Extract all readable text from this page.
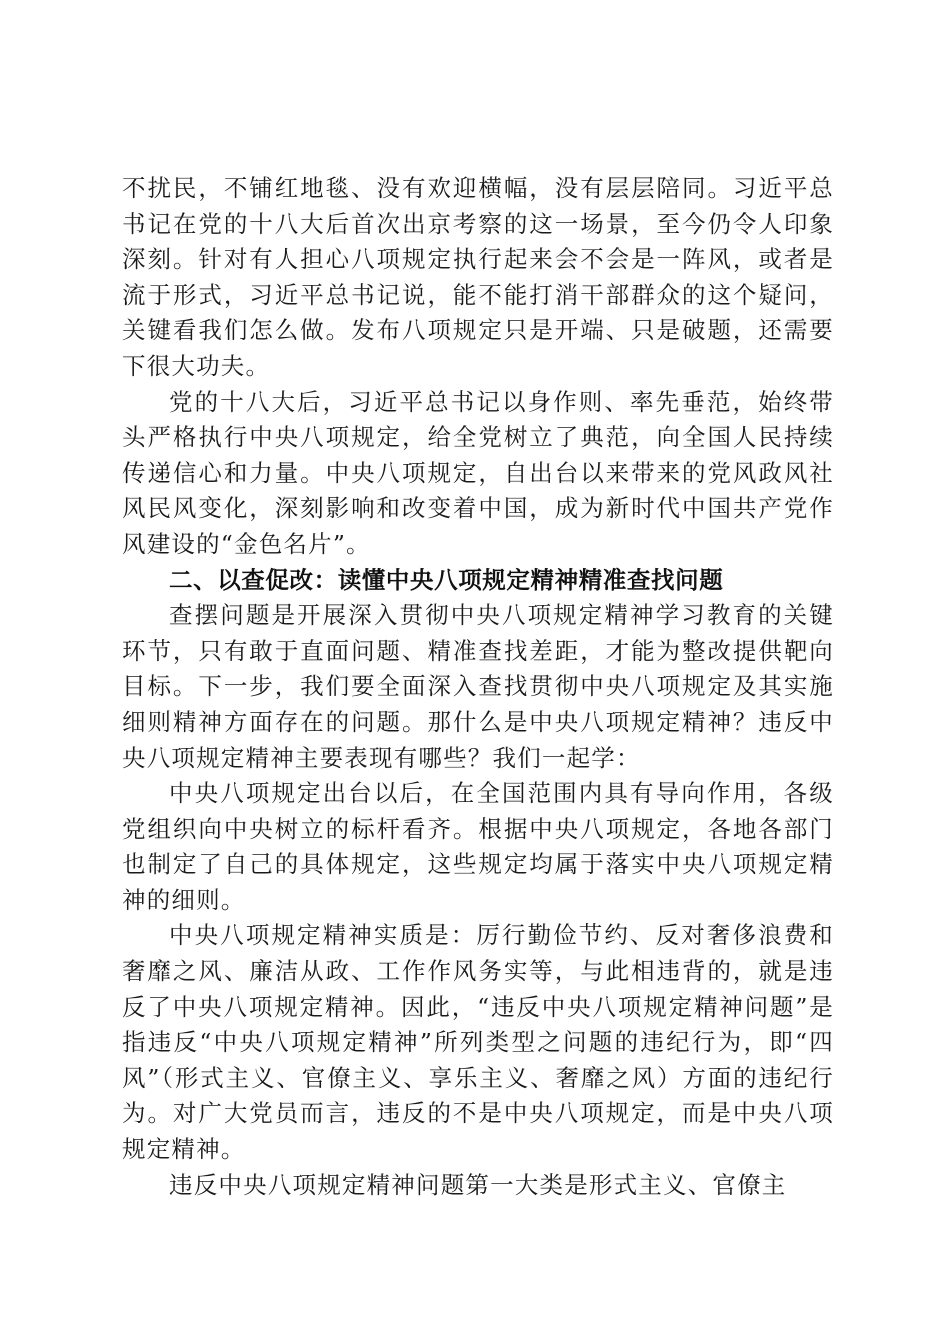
不扰民，不铺红地毯、没有欢迎横幅，没有层层陪同。习近平总书记在党的十八大后首次出京考察的这一场景，至今仍令人印象深刻。针对有人担心八项规定执行起来会不会是一阵风，或者是流于形式，习近平总书记说，能不能打消干部群众的这个疑问，关键看我们怎么做。发布八项规定只是开端、只是破题，还需要下很大功夫。

党的十八大后，习近平总书记以身作则、率先垂范，始终带头严格执行中央八项规定，给全党树立了典范，向全国人民持续传递信心和力量。中央八项规定，自出台以来带来的党风政风社风民风变化，深刻影响和改变着中国，成为新时代中国共产党作风建设的“金色名片”。

二、以查促改：读懂中央八项规定精神精准查找问题

查摆问题是开展深入贯彻中央八项规定精神学习教育的关键环节，只有敢于直面问题、精准查找差距，才能为整改提供靶向目标。下一步，我们要全面深入查找贯彻中央八项规定及其实施细则精神方面存在的问题。那什么是中央八项规定精神？违反中央八项规定精神主要表现有哪些？我们一起学：

中央八项规定出台以后，在全国范围内具有导向作用，各级党组织向中央树立的标杆看齐。根据中央八项规定，各地各部门也制定了自己的具体规定，这些规定均属于落实中央八项规定精神的细则。

中央八项规定精神实质是：厉行勤俭节约、反对奢侈浪费和奢靡之风、廉洁从政、工作作风务实等，与此相违背的，就是违反了中央八项规定精神。因此，“违反中央八项规定精神问题”是指违反“中央八项规定精神”所列类型之问题的违纪行为，即“四风”（形式主义、官僚主义、享乐主义、奢靡之风）方面的违纪行为。对广大党员而言，违反的不是中央八项规定，而是中央八项规定精神。

违反中央八项规定精神问题第一大类是形式主义、官僚主
